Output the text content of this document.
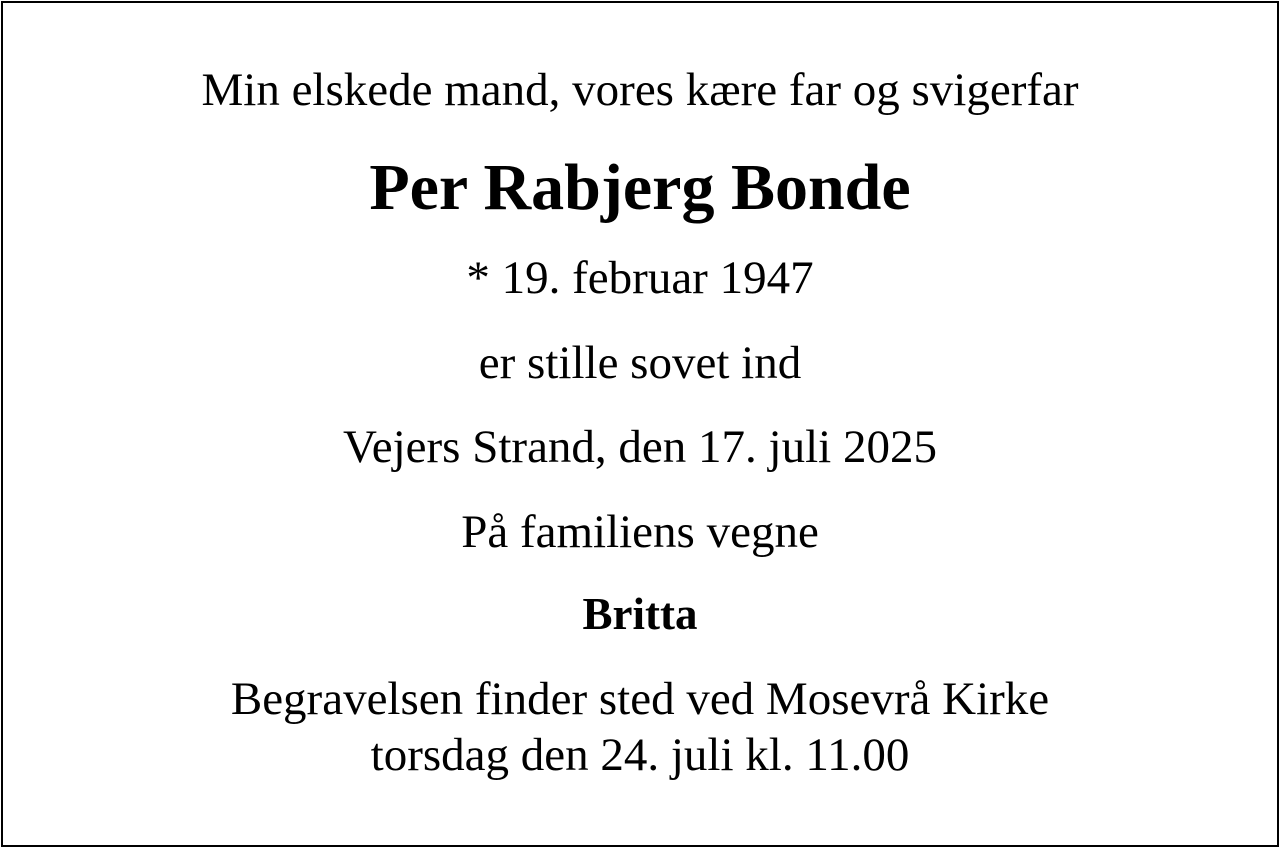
Min elskede mand, vores kære far og svigerfar
Per Rabjerg Bonde
* 19. februar 1947
er stille sovet ind
Vejers Strand, den 17. juli 2025
På familiens vegne
Britta
Begravelsen finder sted ved Mosevrå Kirke
torsdag den 24. juli kl. 11.00
